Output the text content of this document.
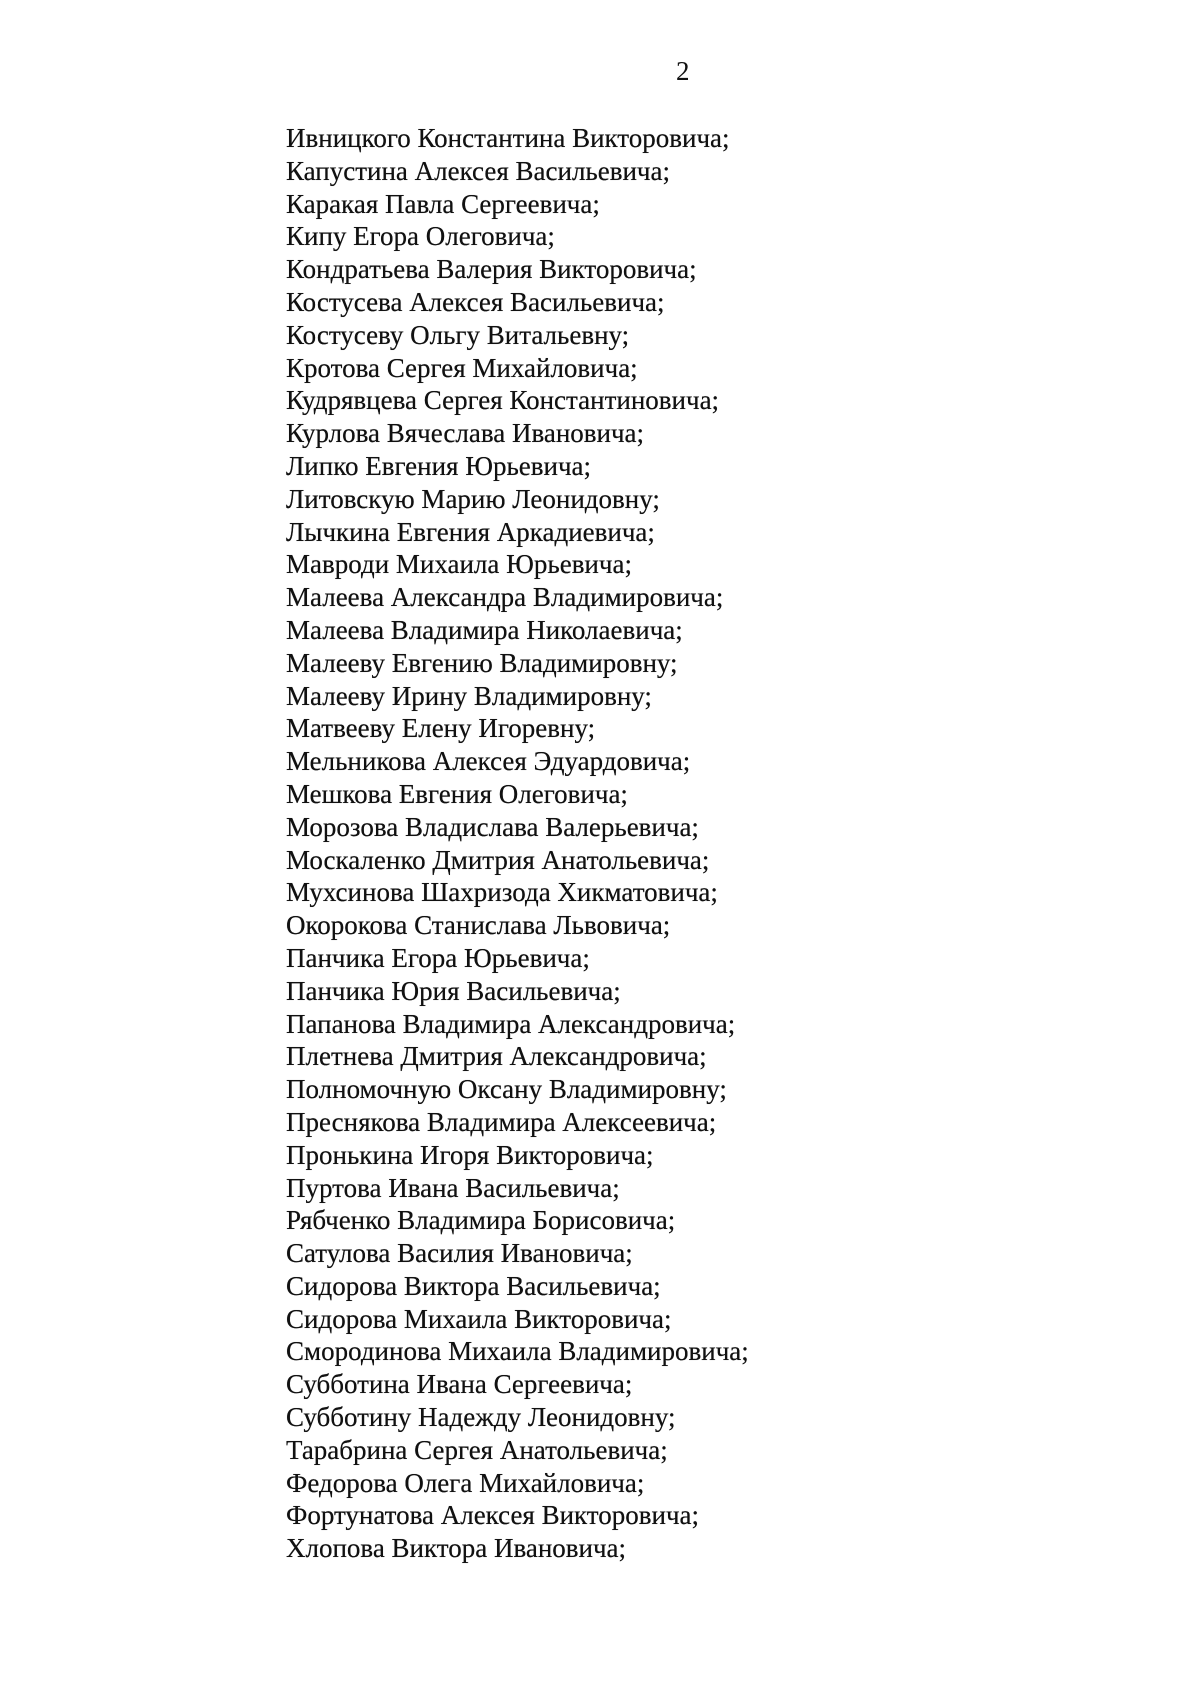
2
Ивницкого Константина Викторовича;
Капустина Алексея Васильевича;
Каракая Павла Сергеевича;
Кипу Егора Олеговича;
Кондратьева Валерия Викторовича;
Костусева Алексея Васильевича;
Костусеву Ольгу Витальевну;
Кротова Сергея Михайловича;
Кудрявцева Сергея Константиновича;
Курлова Вячеслава Ивановича;
Липко Евгения Юрьевича;
Литовскую Марию Леонидовну;
Лычкина Евгения Аркадиевича;
Мавроди Михаила Юрьевича;
Малеева Александра Владимировича;
Малеева Владимира Николаевича;
Малееву Евгению Владимировну;
Малееву Ирину Владимировну;
Матвееву Елену Игоревну;
Мельникова Алексея Эдуардовича;
Мешкова Евгения Олеговича;
Морозова Владислава Валерьевича;
Москаленко Дмитрия Анатольевича;
Мухсинова Шахризода Хикматовича;
Окорокова Станислава Львовича;
Панчика Егора Юрьевича;
Панчика Юрия Васильевича;
Папанова Владимира Александровича;
Плетнева Дмитрия Александровича;
Полномочную Оксану Владимировну;
Преснякова Владимира Алексеевича;
Пронькина Игоря Викторовича;
Пуртова Ивана Васильевича;
Рябченко Владимира Борисовича;
Сатулова Василия Ивановича;
Сидорова Виктора Васильевича;
Сидорова Михаила Викторовича;
Смородинова Михаила Владимировича;
Субботина Ивана Сергеевича;
Субботину Надежду Леонидовну;
Тарабрина Сергея Анатольевича;
Федорова Олега Михайловича;
Фортунатова Алексея Викторовича;
Хлопова Виктора Ивановича;
